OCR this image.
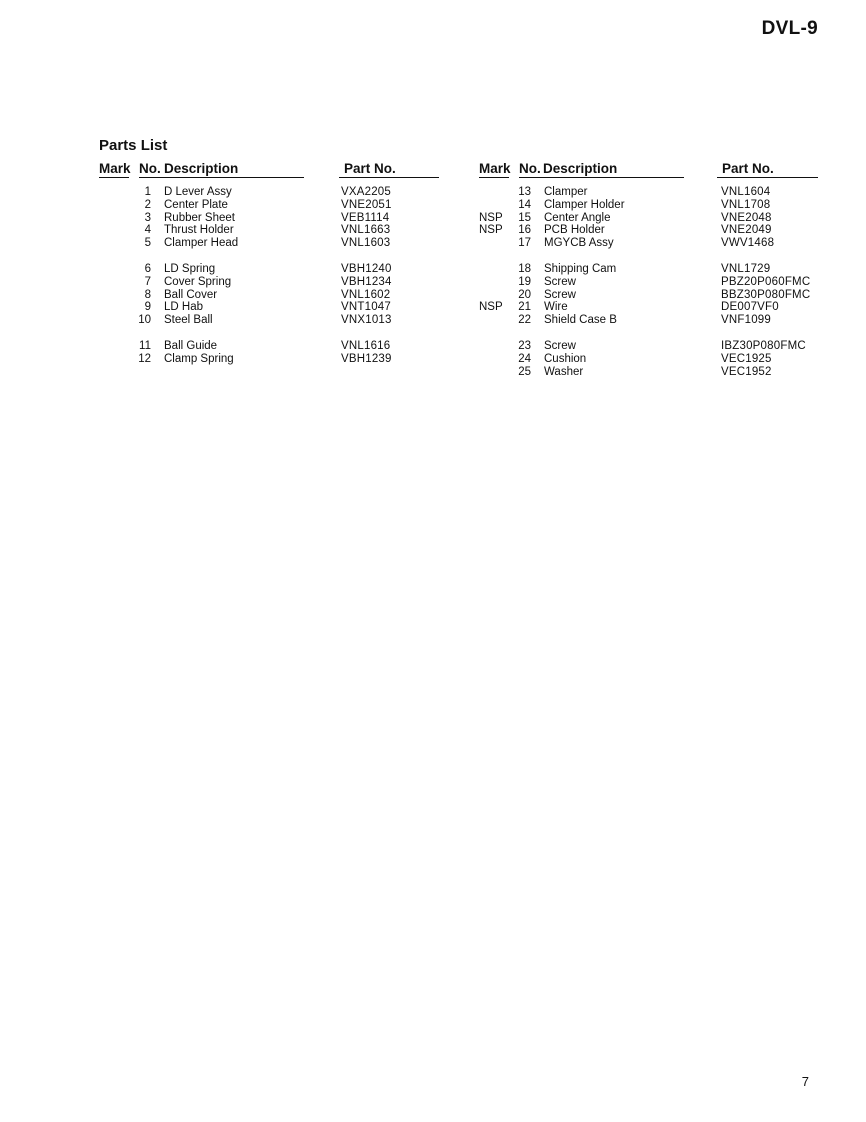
DVL-9
Parts List
Mark No. Description	Part No.
1 D Lever Assy	VXA2205
2 Center Plate	VNE2051
3 Rubber Sheet	VEB1114
4 Thrust Holder	VNL1663
5 Clamper Head	VNL1603
6 LD Spring	VBH1240
7 Cover Spring	VBH1234
8 Ball Cover	VNL1602
9 LD Hab	VNT1047
10 Steel Ball	VNX1013
11 Ball Guide	VNL1616
12 Clamp Spring	VBH1239
Mark No. Description	Part No.
13 Clamper	VNL1604
14 Clamper Holder	VNL1708
NSP	15 Center Angle	VNE2048
NSP	16 PCB Holder	VNE2049
17 MGYCB Assy	VWV1468
18 Shipping Cam	VNL1729
19 Screw	PBZ20P060FMC
20 Screw	BBZ30P080FMC
NSP	21 Wire	DE007VF0
22 Shield Case B	VNF1099
23 Screw	IBZ30P080FMC
24 Cushion	VEC1925
25 Washer	VEC1952
7
